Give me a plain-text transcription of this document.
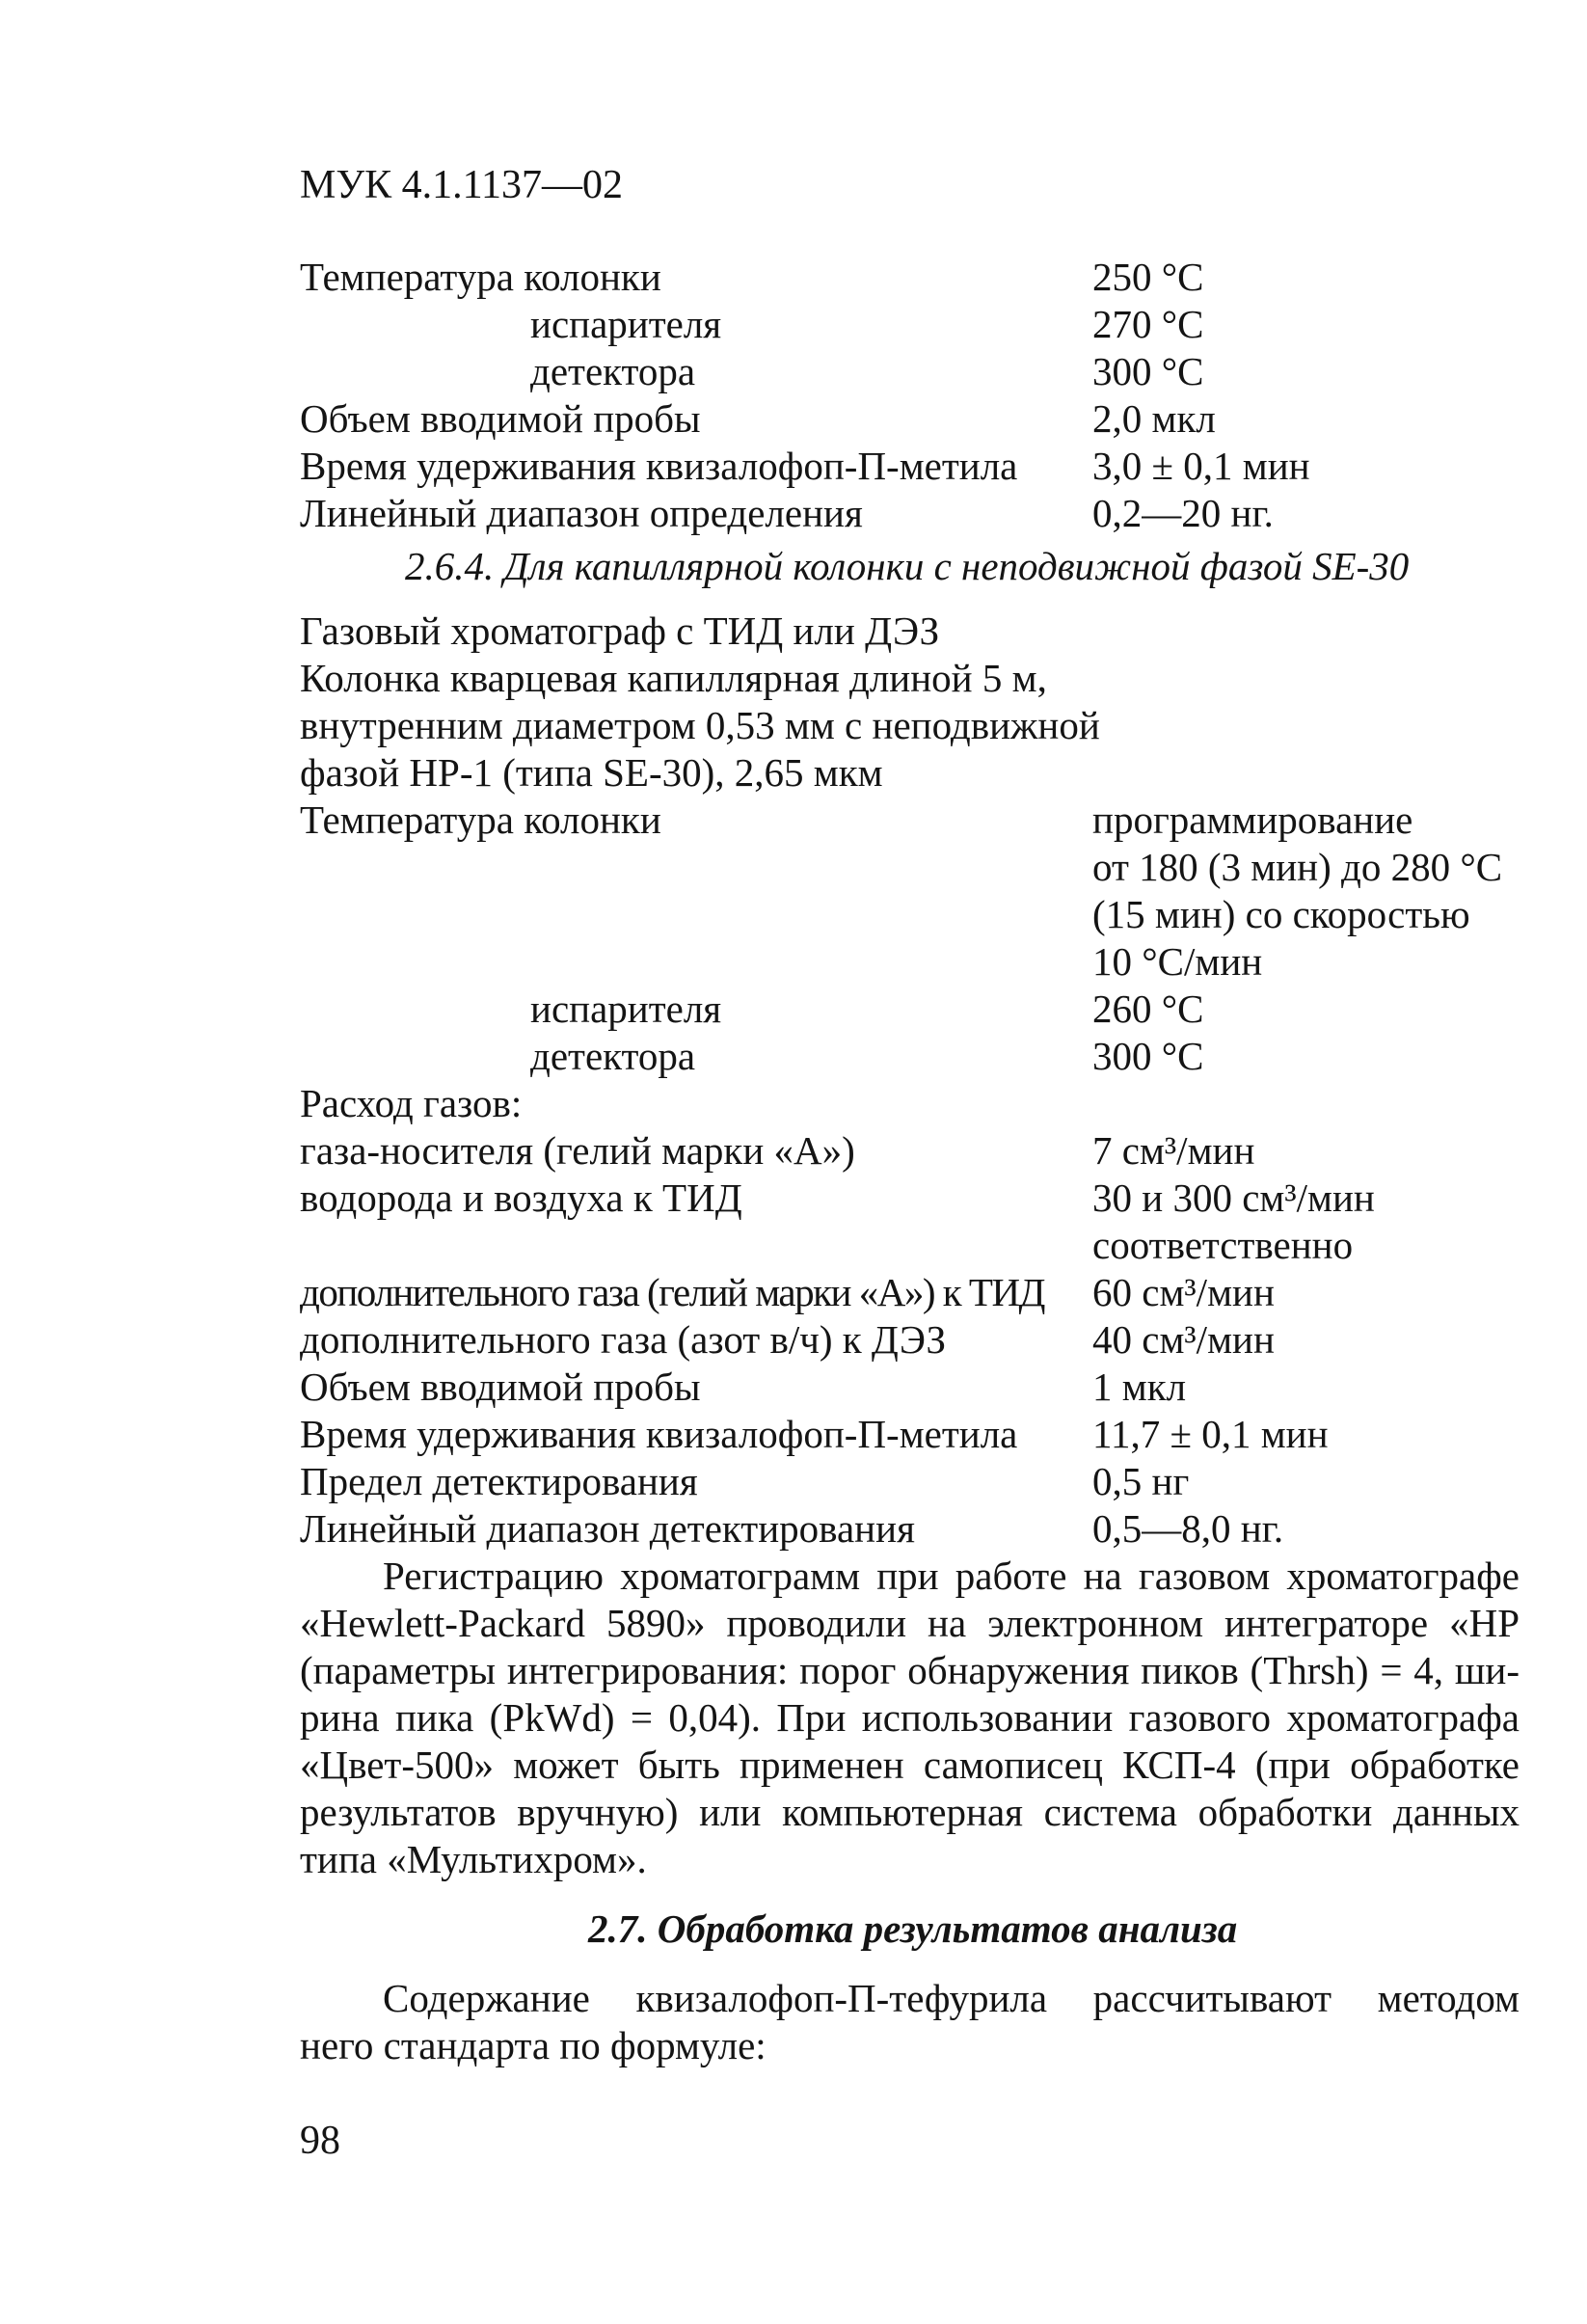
МУК 4.1.1137—02
Температура колонки	250 °С
испарителя	270 °С
детектора	300 °С
Объем вводимой пробы	2,0 мкл
Время удерживания квизалофоп-П-метила 3,0 ± 0,1 мин
Линейный диапазон определения	0,2—20 нг.
2.6.4. Для капиллярной колонки с неподвижной фазой SE-30
Газовый хроматограф с ТИД или ДЭЗ
Колонка кварцевая капиллярная длиной 5 м,
внутренним диаметром 0,53 мм с неподвижной
фазой HP-1 (типа SE-30), 2,65 мкм
Температура колонки	программирование
от 180 (3 мин) до 280 °С
(15 мин) со скоростью
10 °С/мин
испарителя	260 °С
детектора	300 °С
Расход газов:
газа-носителя (гелий марки «А»)	7 см³/мин
водорода и воздуха к ТИД	30 и 300 см³/мин
соответственно
дополнительного газа (гелий марки «А») к ТИД 60 см³/мин
дополнительного газа (азот в/ч) к ДЭЗ	40 см³/мин
Объем вводимой пробы	1 мкл
Время удерживания квизалофоп-П-метила 11,7 ± 0,1 мин
Предел детектирования	0,5 нг
Линейный диапазон детектирования	0,5—8,0 нг.
Регистрацию хроматограмм при работе на газовом хроматографе
«Hewlett-Packard 5890» проводили на электронном интеграторе «HP
(параметры интегрирования: порог обнаружения пиков (Thrsh) = 4, ши-
рина пика (PkWd) = 0,04). При использовании газового хроматографа
«Цвет-500» может быть применен самописец КСП-4 (при обработке
результатов вручную) или компьютерная система обработки данных
типа «Мультихром».
2.7. Обработка результатов анализа
Содержание квизалофоп-П-тефурила рассчитывают методом
него стандарта по формуле:
98
